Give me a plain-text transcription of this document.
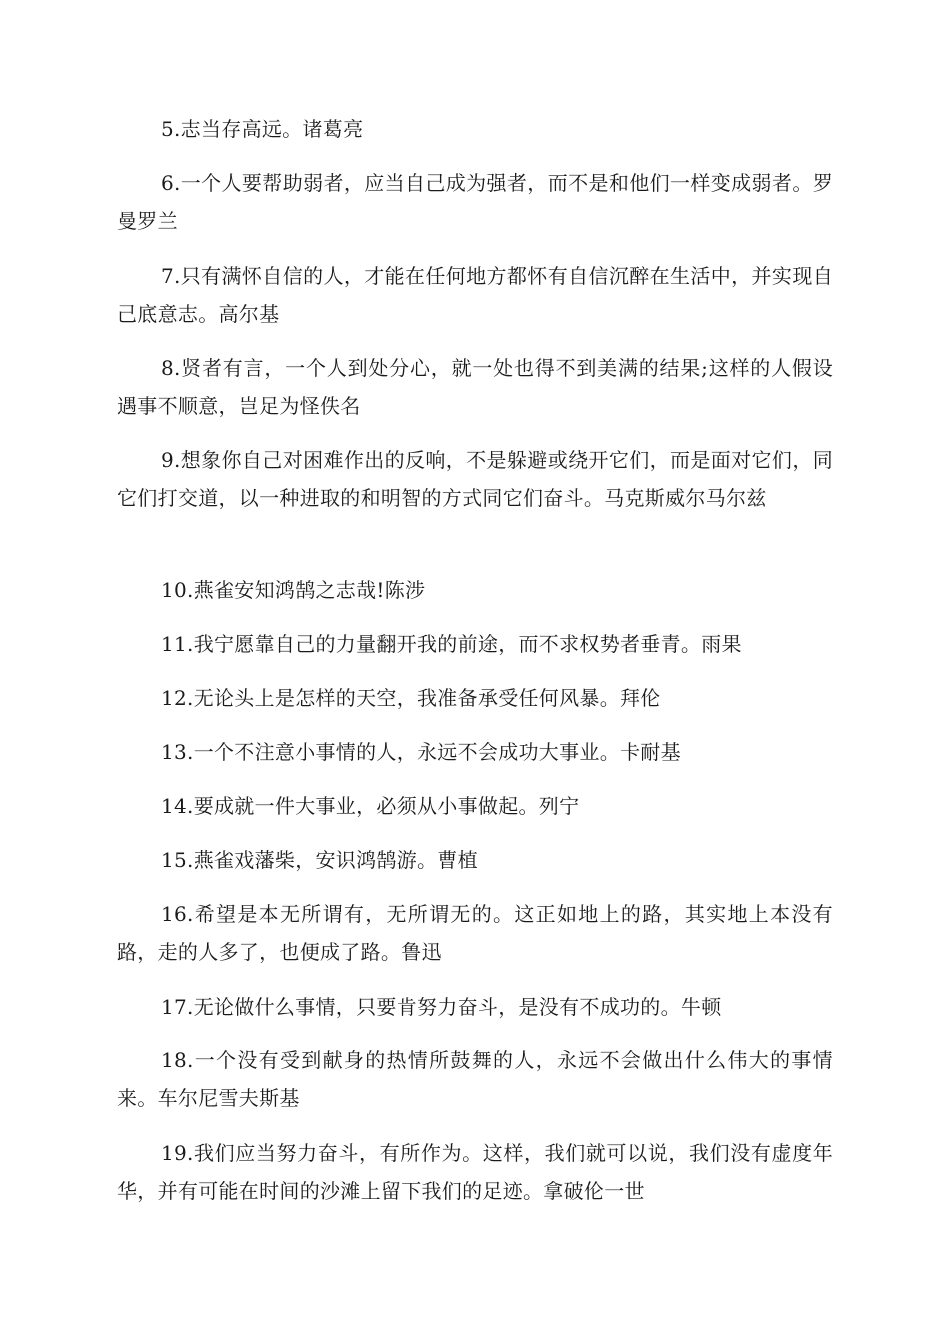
5.志当存高远。诸葛亮

6.一个人要帮助弱者，应当自己成为强者，而不是和他们一样变成弱者。罗曼罗兰

7.只有满怀自信的人，才能在任何地方都怀有自信沉醉在生活中，并实现自己底意志。高尔基

8.贤者有言，一个人到处分心，就一处也得不到美满的结果;这样的人假设遇事不顺意，岂足为怪佚名

9.想象你自己对困难作出的反响，不是躲避或绕开它们，而是面对它们，同它们打交道，以一种进取的和明智的方式同它们奋斗。马克斯威尔马尔兹

10.燕雀安知鸿鹄之志哉!陈涉

11.我宁愿靠自己的力量翻开我的前途，而不求权势者垂青。雨果

12.无论头上是怎样的天空，我准备承受任何风暴。拜伦

13.一个不注意小事情的人，永远不会成功大事业。卡耐基

14.要成就一件大事业，必须从小事做起。列宁

15.燕雀戏藩柴，安识鸿鹄游。曹植

16.希望是本无所谓有，无所谓无的。这正如地上的路，其实地上本没有路，走的人多了，也便成了路。鲁迅

17.无论做什么事情，只要肯努力奋斗，是没有不成功的。牛顿

18.一个没有受到献身的热情所鼓舞的人，永远不会做出什么伟大的事情来。车尔尼雪夫斯基

19.我们应当努力奋斗，有所作为。这样，我们就可以说，我们没有虚度年华，并有可能在时间的沙滩上留下我们的足迹。拿破伦一世
